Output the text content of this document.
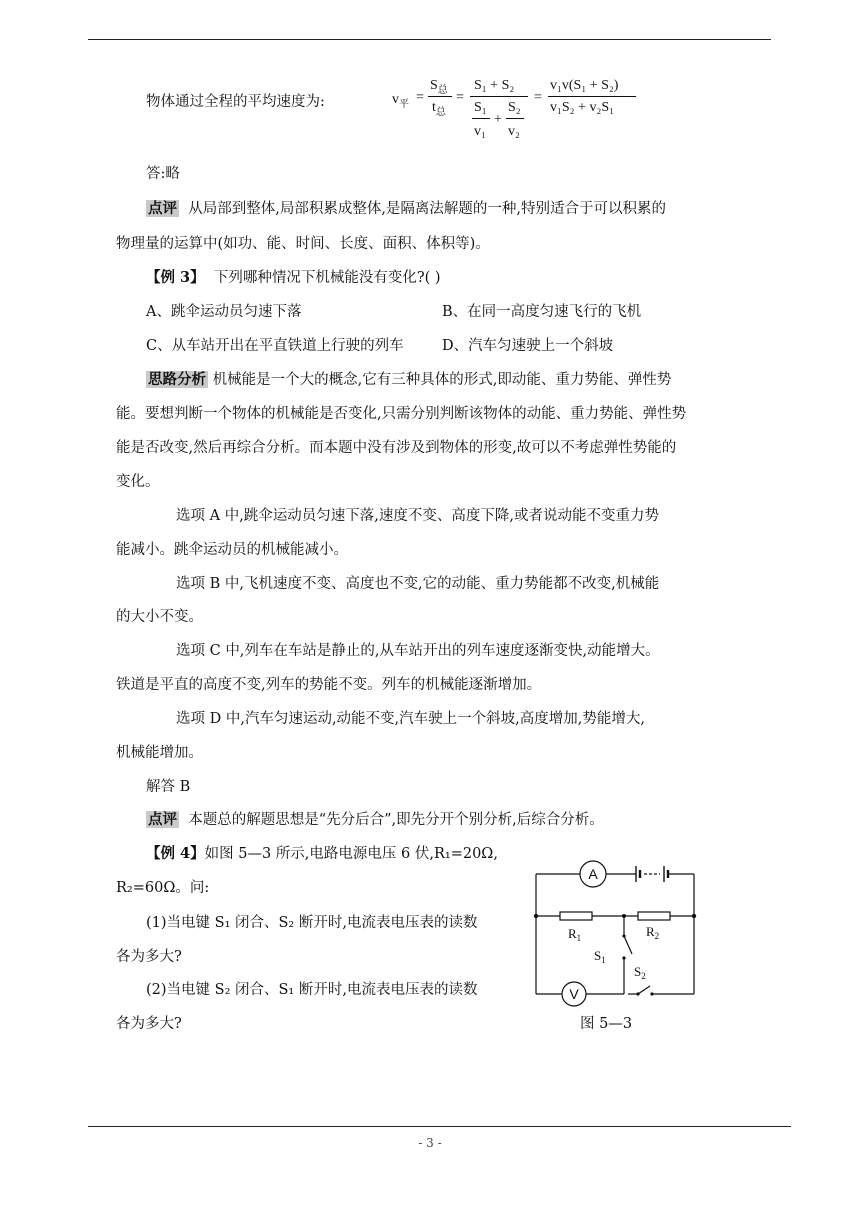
物体通过全程的平均速度为:	$v_平$ =
$S_总$
$t_总$
=
S₁ + S₂
S₁
v₁
+
S₂
v₂
=
v₁v(S₁ + S₂)
v₁S₂ + v₂S₁
答:略
点评 从局部到整体,局部积累成整体,是隔离法解题的一种,特别适合于可以积累的
物理量的运算中(如功、能、时间、长度、面积、体积等)。
【例 3】 下列哪种情况下机械能没有变化?( )
A、跳伞运动员匀速下落	B、在同一高度匀速飞行的飞机
C、从车站开出在平直铁道上行驶的列车	D、汽车匀速驶上一个斜坡
思路分析 机械能是一个大的概念,它有三种具体的形式,即动能、重力势能、弹性势
能。要想判断一个物体的机械能是否变化,只需分别判断该物体的动能、重力势能、弹性势
能是否改变,然后再综合分析。而本题中没有涉及到物体的形变,故可以不考虑弹性势能的
变化。
选项 A 中,跳伞运动员匀速下落,速度不变、高度下降,或者说动能不变重力势
能减小。跳伞运动员的机械能减小。
选项 B 中,飞机速度不变、高度也不变,它的动能、重力势能都不改变,机械能
的大小不变。
选项 C 中,列车在车站是静止的,从车站开出的列车速度逐渐变快,动能增大。
铁道是平直的高度不变,列车的势能不变。列车的机械能逐渐增加。
选项 D 中,汽车匀速运动,动能不变,汽车驶上一个斜坡,高度增加,势能增大,
机械能增加。
解答 B
点评 本题总的解题思想是“先分后合”,即先分开个别分析,后综合分析。
【例 4】如图 5—3 所示,电路电源电压 6 伏,R₁=20Ω,
R₂=60Ω。问:
(1)当电键 S₁ 闭合、S₂ 断开时,电流表电压表的读数
各为多大?
(2)当电键 S₂ 闭合、S₁ 断开时,电流表电压表的读数
各为多大?
A
V
$R_1$	$R_2$
$S_1$
$S_2$
图 5—3
- 3 -
